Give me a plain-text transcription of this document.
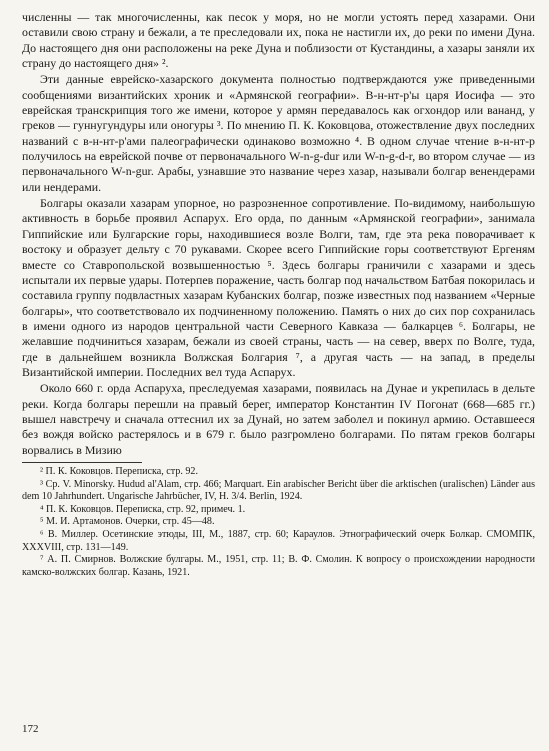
численны — так многочисленны, как песок у моря, но не могли устоять перед хазарами. Они оставили свою страну и бежали, а те преследовали их, пока не настигли их, до реки по имени Дуна. До настоящего дня они расположены на реке Дуна и поблизости от Кустандины, а хазары заняли их страну до настоящего дня» ².

Эти данные еврейско-хазарского документа полностью подтверждаются уже приведенными сообщениями византийских хроник и «Армянской географии». В-н-нт-р'ы царя Иосифа — это еврейская транскрипция того же имени, которое у армян передавалось как огхондор или вананд, у греков — гуннугундуры или оногуры ³. По мнению П. К. Коковцова, отожествление двух последних названий с в-н-нт-р'ами палеографически одинаково возможно ⁴. В одном случае чтение в-н-нт-р получилось на еврейской почве от первоначального W-n-g-dur или W-n-g-d-r, во втором случае — из первоначального W-n-gur. Арабы, узнавшие это название через хазар, называли болгар венендерами или нендерами.

Болгары оказали хазарам упорное, но разрозненное сопротивление. По-видимому, наибольшую активность в борьбе проявил Аспарух. Его орда, по данным «Армянской географии», занимала Гиппийские или Булгарские горы, находившиеся возле Волги, там, где эта река поворачивает к востоку и образует дельту с 70 рукавами. Скорее всего Гиппийские горы соответствуют Ергеням вместе со Ставропольской возвышенностью ⁵. Здесь болгары граничили с хазарами и здесь испытали их первые удары. Потерпев поражение, часть болгар под начальством Батбая покорилась и составила группу подвластных хазарам Кубанских болгар, позже известных под названием «Черные болгары», что соответствовало их подчиненному положению. Память о них до сих пор сохранилась в имени одного из народов центральной части Северного Кавказа — балкарцев ⁶. Болгары, не желавшие подчиниться хазарам, бежали из своей страны, часть — на север, вверх по Волге, туда, где в дальнейшем возникла Волжская Болгария ⁷, а другая часть — на запад, в пределы Византийской империи. Последних вел туда Аспарух.

Около 660 г. орда Аспаруха, преследуемая хазарами, появилась на Дунае и укрепилась в дельте реки. Когда болгары перешли на правый берег, император Константин IV Погонат (668—685 гг.) вышел навстречу и сначала оттеснил их за Дунай, но затем заболел и покинул армию. Оставшееся без вождя войско растерялось и в 679 г. было разгромлено болгарами. По пятам греков болгары ворвались в Мизию

² П. К. Коковцов. Переписка, стр. 92.

³ Ср. V. Minorsky. Hudud al'Alam, стр. 466; Marquart. Ein arabischer Bericht über die arktischen (uralischen) Länder aus dem 10 Jahrhundert. Ungarische Jahrbücher, IV, H. 3/4. Berlin, 1924.

⁴ П. К. Коковцов. Переписка, стр. 92, примеч. 1.

⁵ М. И. Артамонов. Очерки, стр. 45—48.

⁶ В. Миллер. Осетинские этюды, III, М., 1887, стр. 60; Караулов. Этнографический очерк Болкар. СМОМПК, XXXVIII, стр. 131—149.

⁷ А. П. Смирнов. Волжские булгары. М., 1951, стр. 11; В. Ф. Смолин. К вопросу о происхождении народности камско-волжских болгар. Казань, 1921.

172
